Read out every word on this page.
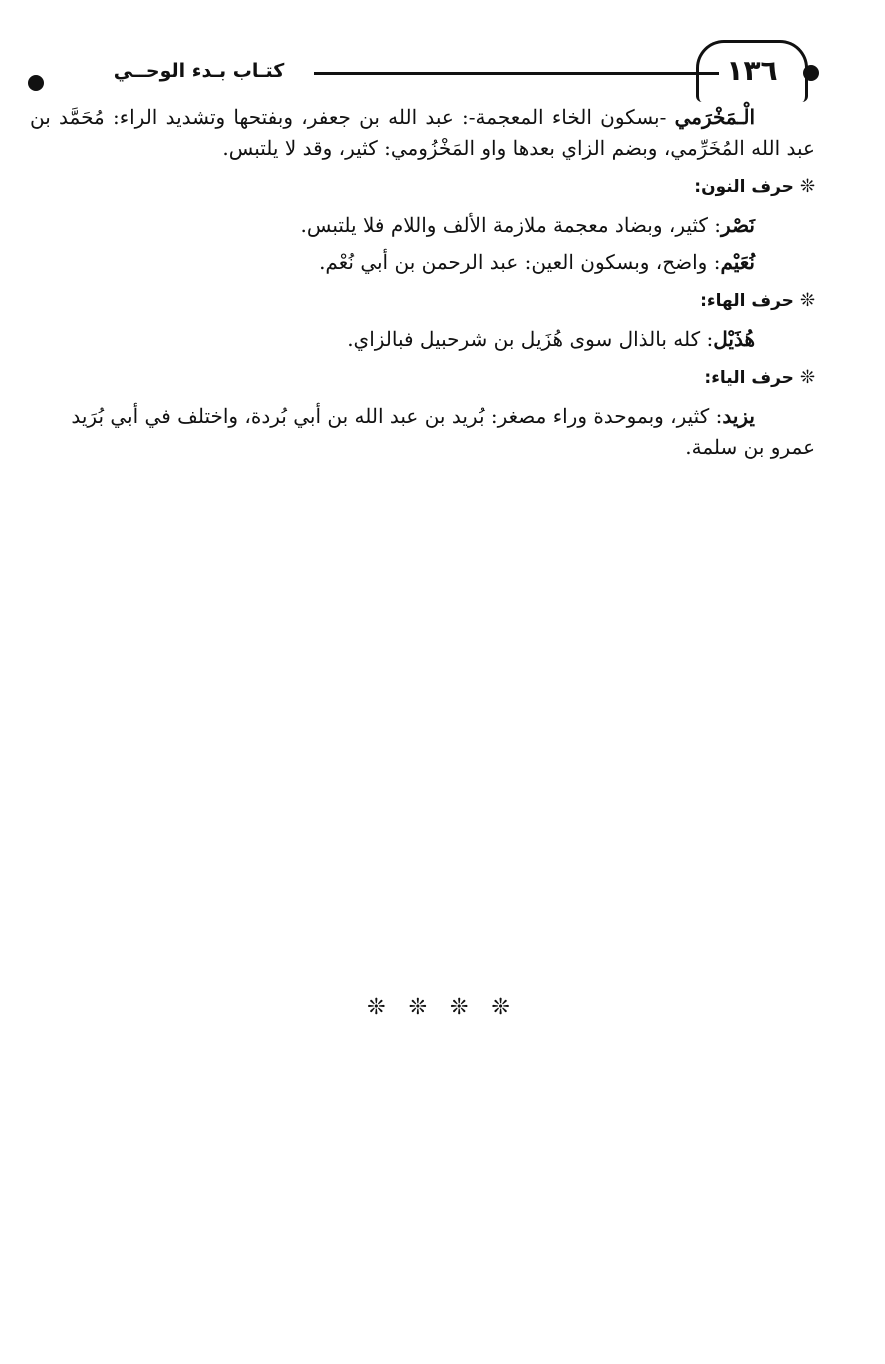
١٣٦
كتـاب بـدء الوحــي

الْـمَخْرَمي -بسكون الخاء المعجمة-: عبد الله بن جعفر، وبفتحها وتشديد الراء: مُحَمَّد بن عبد الله المُخَرِّمي، وبضم الزاي بعدها واو المَخْزُومي: كثير، وقد لا يلتبس.

❊حرف النون:

نَصْر: كثير، وبضاد معجمة ملازمة الألف واللام فلا يلتبس.

نُعَيْم: واضح، وبسكون العين: عبد الرحمن بن أبي نُعْم.

❊حرف الهاء:

هُذَيْل: كله بالذال سوى هُزَيل بن شرحبيل فبالزاي.

❊حرف الياء:

يزيد: كثير، وبموحدة وراء مصغر: بُريد بن عبد الله بن أبي بُردة، واختلف في أبي بُرَيد عمرو بن سلمة.

❊ ❊ ❊ ❊
